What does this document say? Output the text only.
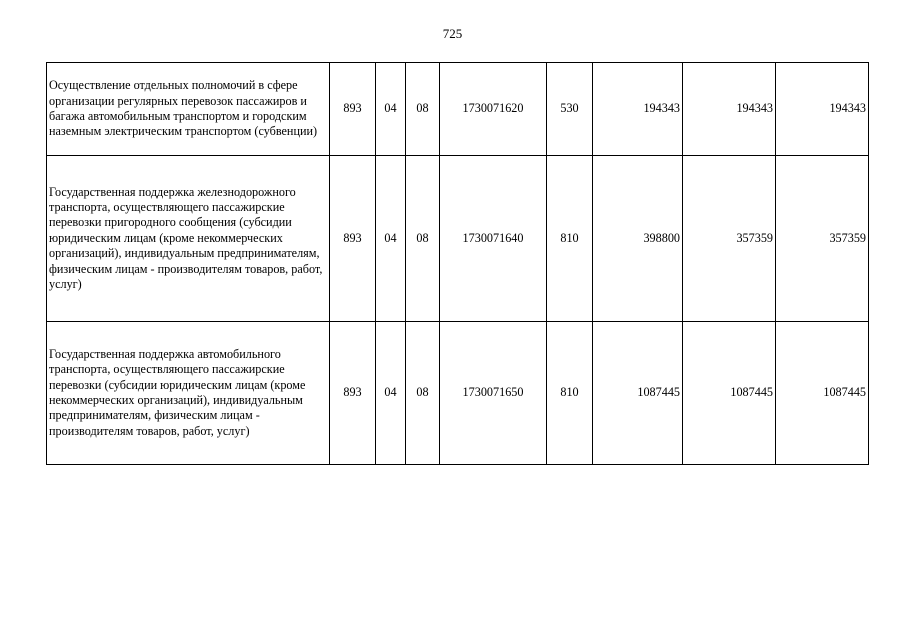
725
Осуществление отдельных полномочий в сфере организации регулярных перевозок пассажиров и багажа автомобильным транспортом и городским наземным электрическим транспортом (субвенции)	893	04	08	1730071620	530	194343	194343	194343
Государственная поддержка железнодорожного транспорта, осуществляющего пассажирские перевозки пригородного сообщения (субсидии юридическим лицам (кроме некоммерческих организаций), индивидуальным предпринимателям, физическим лицам - производителям товаров, работ, услуг)	893	04	08	1730071640	810	398800	357359	357359
Государственная поддержка автомобильного транспорта, осуществляющего пассажирские перевозки (субсидии юридическим лицам (кроме некоммерческих организаций), индивидуальным предпринимателям, физическим лицам - производителям товаров, работ, услуг)	893	04	08	1730071650	810	1087445	1087445	1087445
